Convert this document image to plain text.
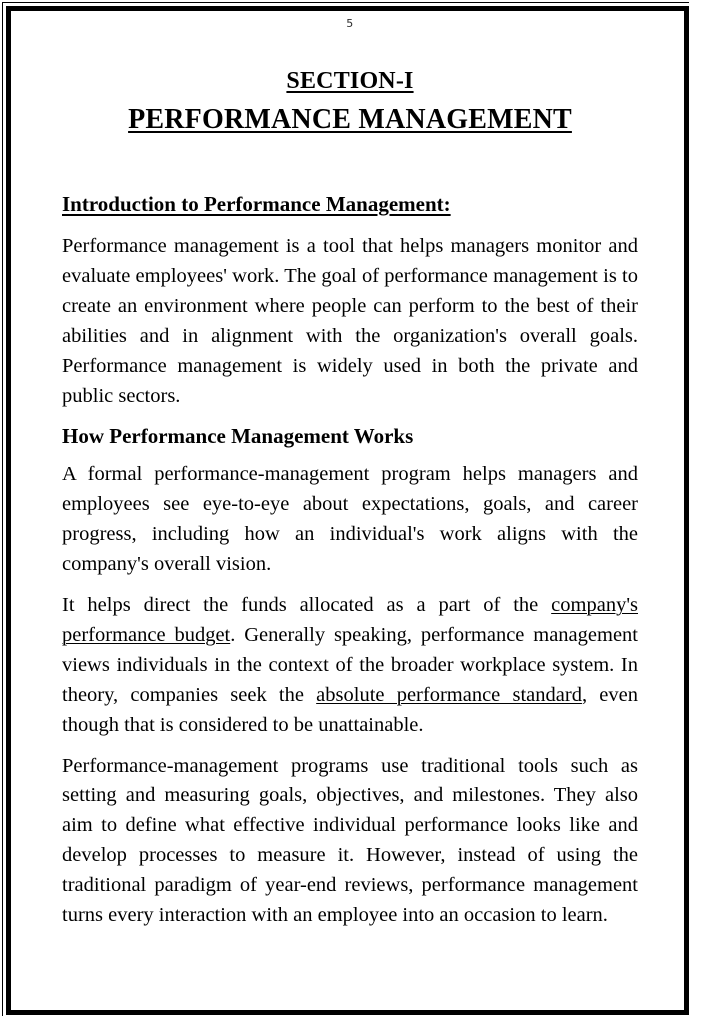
5
SECTION-I
PERFORMANCE MANAGEMENT
Introduction to Performance Management:

Performance management is a tool that helps managers monitor and evaluate employees' work. The goal of performance management is to create an environment where people can perform to the best of their abilities and in alignment with the organization's overall goals. Performance management is widely used in both the private and public sectors.

How Performance Management Works

A formal performance-management program helps managers and employees see eye-to-eye about expectations, goals, and career progress, including how an individual's work aligns with the company's overall vision.

It helps direct the funds allocated as a part of the company's performance budget. Generally speaking, performance management views individuals in the context of the broader workplace system. In theory, companies seek the absolute performance standard, even though that is considered to be unattainable.

Performance-management programs use traditional tools such as setting and measuring goals, objectives, and milestones. They also aim to define what effective individual performance looks like and develop processes to measure it. However, instead of using the traditional paradigm of year-end reviews, performance management turns every interaction with an employee into an occasion to learn.
